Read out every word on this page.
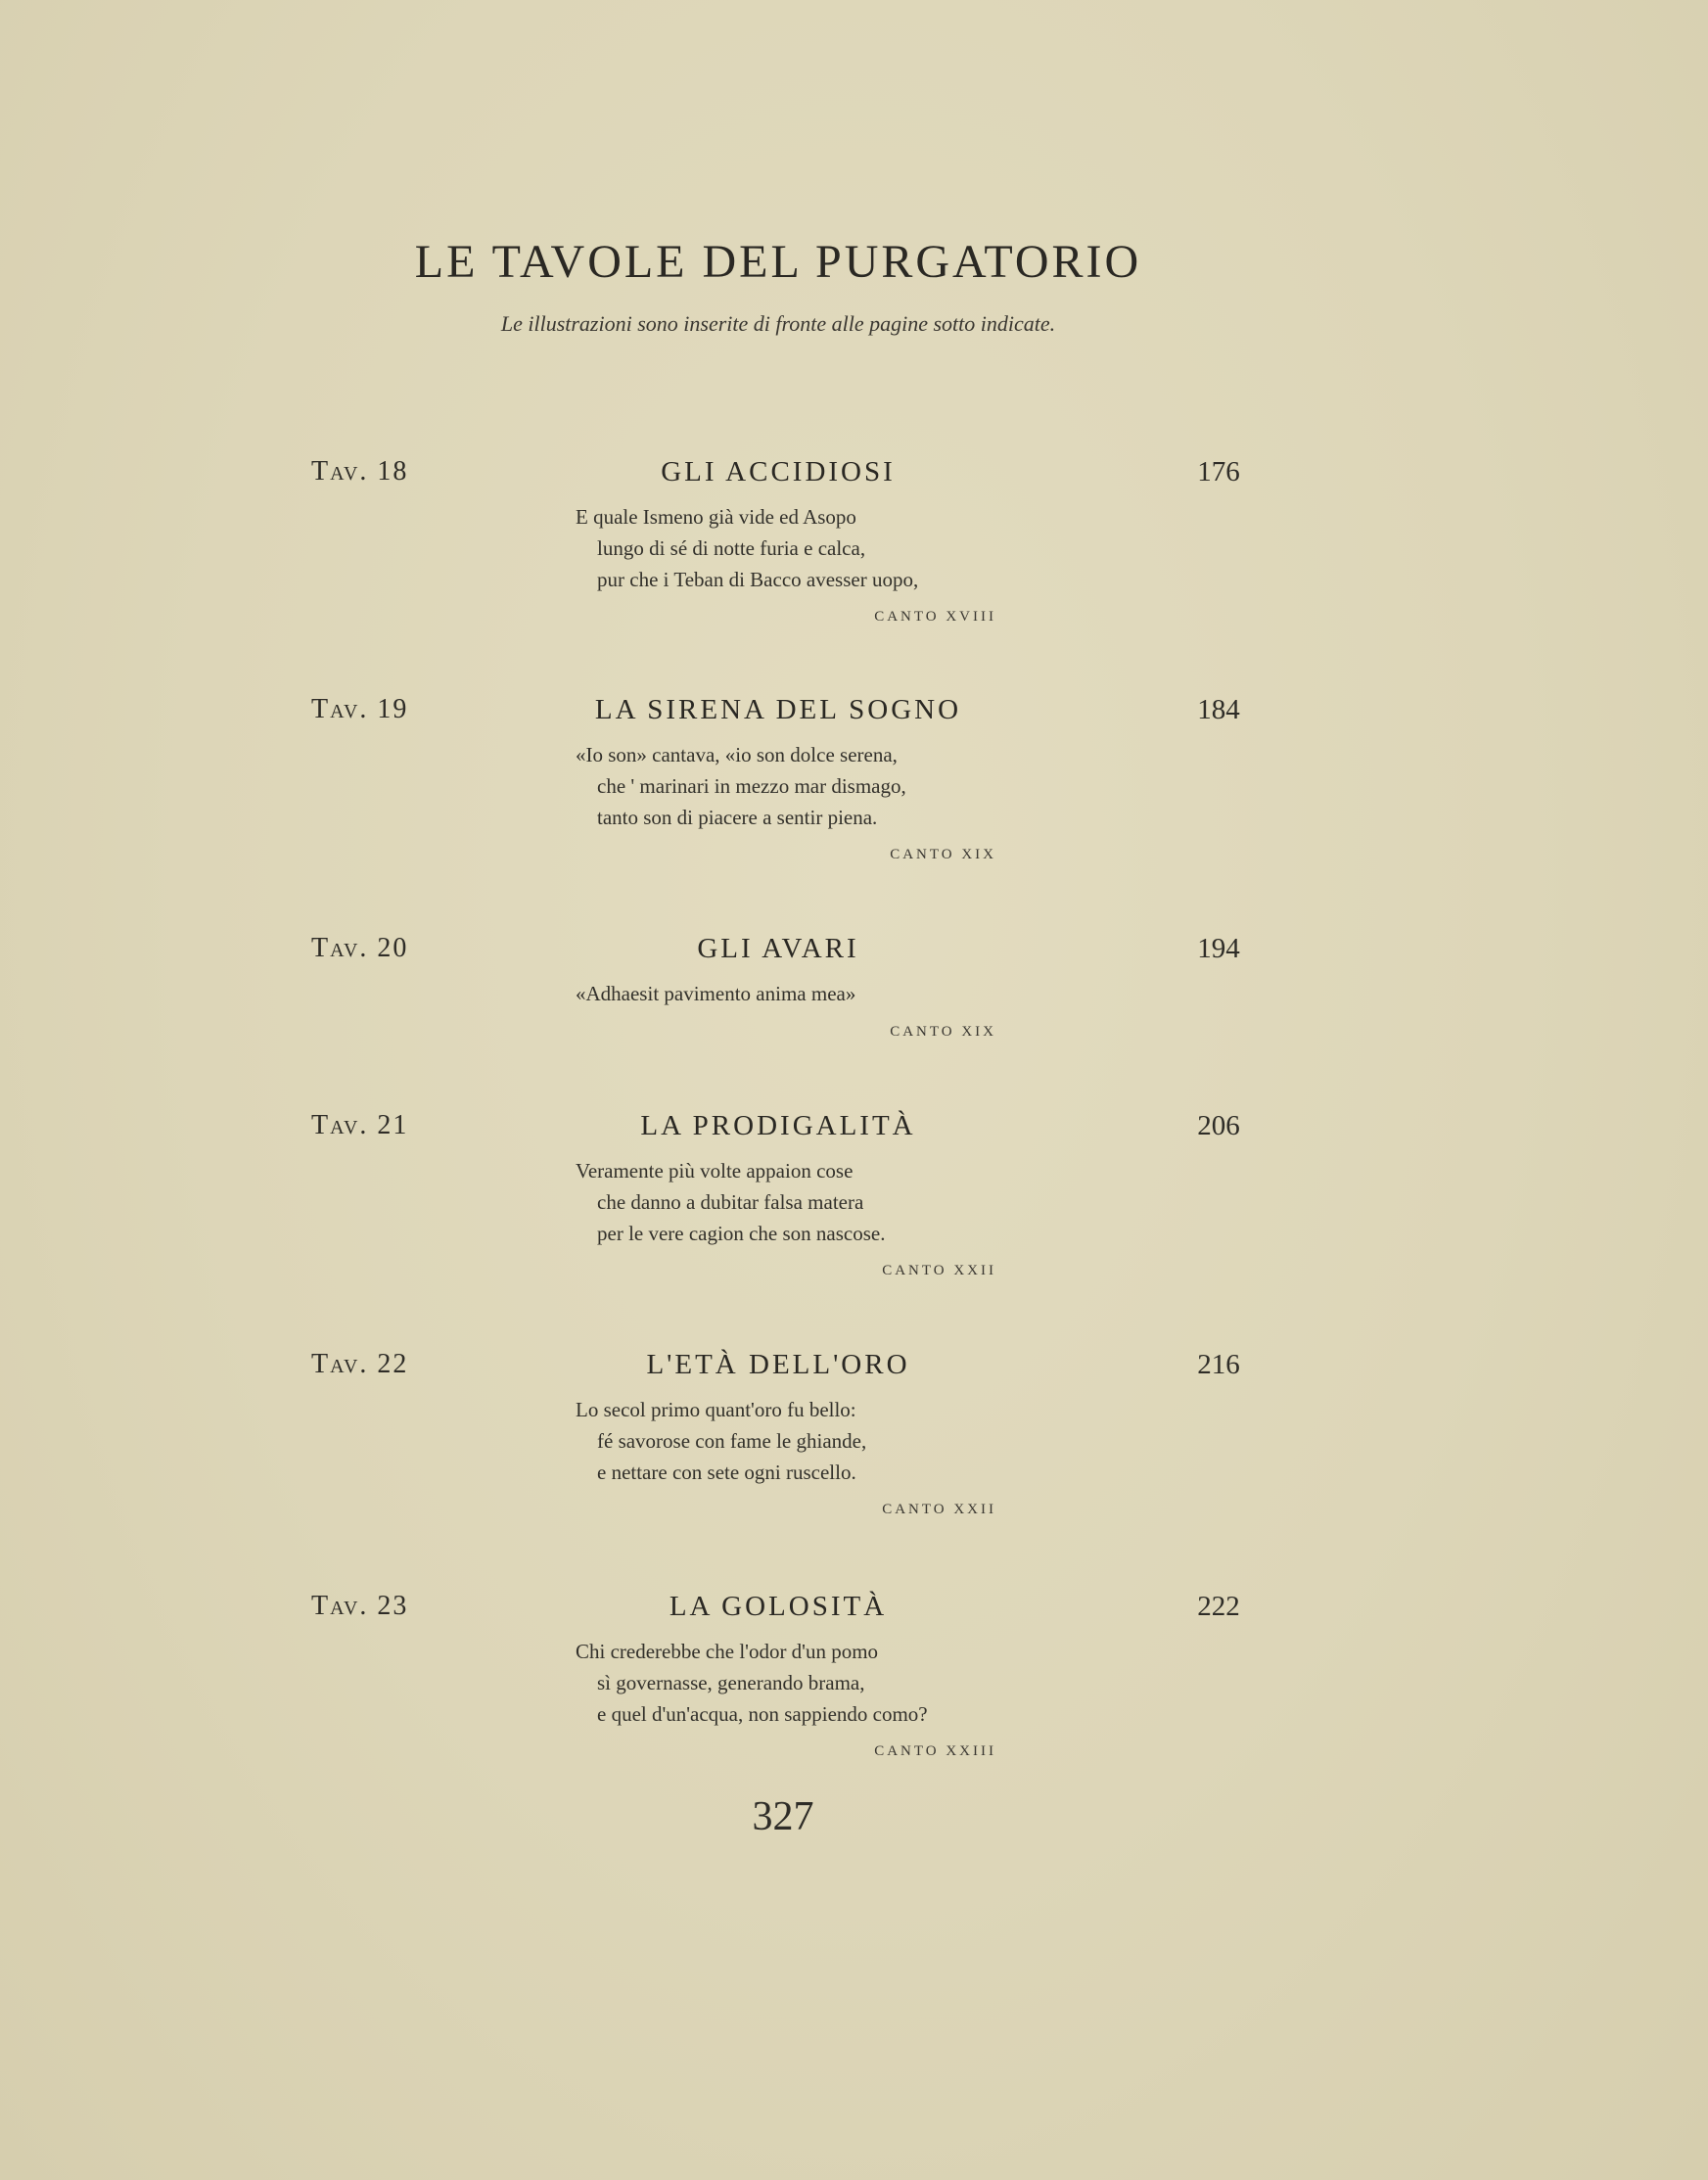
LE TAVOLE DEL PURGATORIO

Le illustrazioni sono inserite di fronte alle pagine sotto indicate.

Tav. 18	GLI ACCIDIOSI	176
E quale Ismeno già vide ed Asopo
lungo di sé di notte furia e calca,
pur che i Teban di Bacco avesser uopo,
CANTO XVIII
Tav. 19	LA SIRENA DEL SOGNO	184
«Io son» cantava, «io son dolce serena,
che ' marinari in mezzo mar dismago,
tanto son di piacere a sentir piena.
CANTO XIX
Tav. 20	GLI AVARI	194
«Adhaesit pavimento anima mea»
CANTO XIX
Tav. 21	LA PRODIGALITÀ	206
Veramente più volte appaion cose
che danno a dubitar falsa matera
per le vere cagion che son nascose.
CANTO XXII
Tav. 22	L'ETÀ DELL'ORO	216
Lo secol primo quant'oro fu bello:
fé savorose con fame le ghiande,
e nettare con sete ogni ruscello.
CANTO XXII
Tav. 23	LA GOLOSITÀ	222
Chi crederebbe che l'odor d'un pomo
sì governasse, generando brama,
e quel d'un'acqua, non sappiendo como?
CANTO XXIII
327
